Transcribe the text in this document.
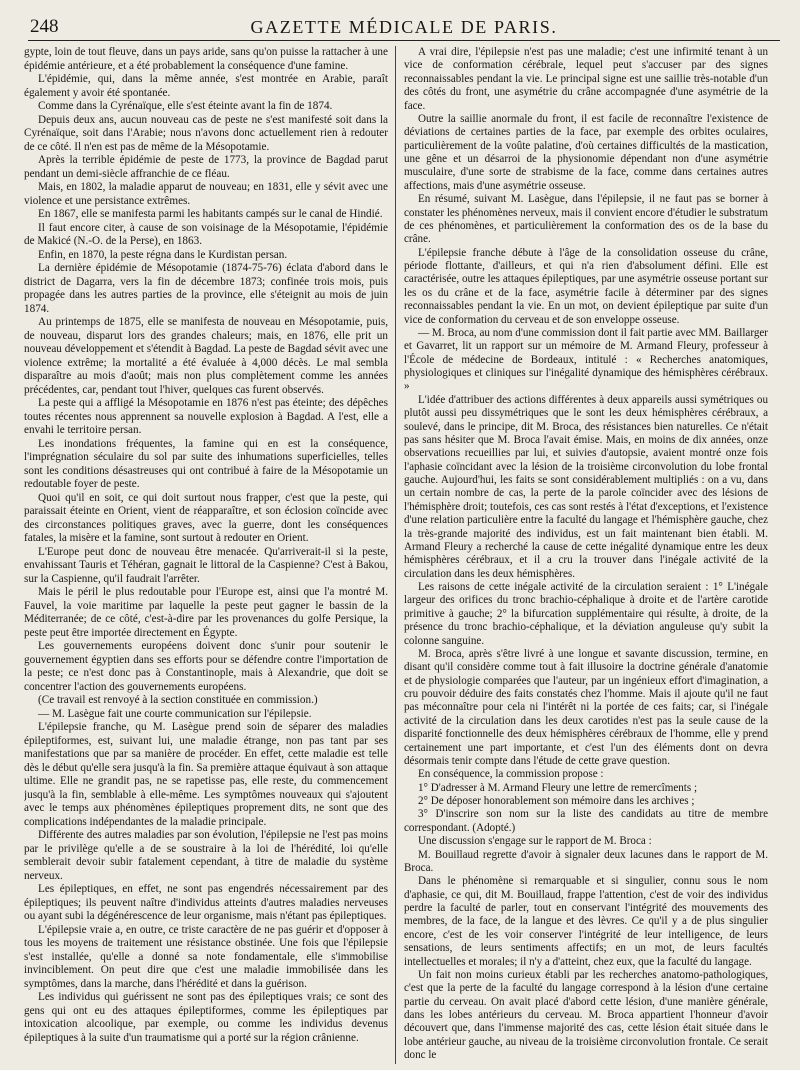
248	GAZETTE MÉDICALE DE PARIS.

gypte, loin de tout fleuve, dans un pays aride, sans qu'on puisse la rattacher à une épidémie antérieure, et a été probablement la conséquence d'une famine.

L'épidémie, qui, dans la même année, s'est montrée en Arabie, paraît également y avoir été spontanée.

Comme dans la Cyrénaïque, elle s'est éteinte avant la fin de 1874.

Depuis deux ans, aucun nouveau cas de peste ne s'est manifesté soit dans la Cyrénaïque, soit dans l'Arabie; nous n'avons donc actuellement rien à redouter de ce côté. Il n'en est pas de même de la Mésopotamie.

Après la terrible épidémie de peste de 1773, la province de Bagdad parut pendant un demi-siècle affranchie de ce fléau.

Mais, en 1802, la maladie apparut de nouveau; en 1831, elle y sévit avec une violence et une persistance extrêmes.

En 1867, elle se manifesta parmi les habitants campés sur le canal de Hindié.

Il faut encore citer, à cause de son voisinage de la Mésopotamie, l'épidémie de Makicé (N.-O. de la Perse), en 1863.

Enfin, en 1870, la peste régna dans le Kurdistan persan.

La dernière épidémie de Mésopotamie (1874-75-76) éclata d'abord dans le district de Dagarra, vers la fin de décembre 1873; confinée trois mois, puis propagée dans les autres parties de la province, elle s'éteignit au mois de juin 1874.

Au printemps de 1875, elle se manifesta de nouveau en Mésopotamie, puis, de nouveau, disparut lors des grandes chaleurs; mais, en 1876, elle prit un nouveau développement et s'étendit à Bagdad. La peste de Bagdad sévit avec une violence extrême; la mortalité a été évaluée à 4,000 décès. Le mal sembla disparaître au mois d'août; mais non plus complètement comme les années précédentes, car, pendant tout l'hiver, quelques cas furent observés.

La peste qui a affligé la Mésopotamie en 1876 n'est pas éteinte; des dépêches toutes récentes nous apprennent sa nouvelle explosion à Bagdad. A l'est, elle a envahi le territoire persan.

Les inondations fréquentes, la famine qui en est la conséquence, l'imprégnation séculaire du sol par suite des inhumations superficielles, telles sont les conditions désastreuses qui ont contribué à faire de la Mésopotamie un redoutable foyer de peste.

Quoi qu'il en soit, ce qui doit surtout nous frapper, c'est que la peste, qui paraissait éteinte en Orient, vient de réapparaître, et son éclosion coïncide avec des circonstances politiques graves, avec la guerre, dont les conséquences fatales, la misère et la famine, sont surtout à redouter en Orient.

L'Europe peut donc de nouveau être menacée. Qu'arriverait-il si la peste, envahissant Tauris et Téhéran, gagnait le littoral de la Caspienne? C'est à Bakou, sur la Caspienne, qu'il faudrait l'arrêter.

Mais le péril le plus redoutable pour l'Europe est, ainsi que l'a montré M. Fauvel, la voie maritime par laquelle la peste peut gagner le bassin de la Méditerranée; de ce côté, c'est-à-dire par les provenances du golfe Persique, la peste peut être importée directement en Égypte.

Les gouvernements européens doivent donc s'unir pour soutenir le gouvernement égyptien dans ses efforts pour se défendre contre l'importation de la peste; ce n'est donc pas à Constantinople, mais à Alexandrie, que doit se concentrer l'action des gouvernements européens.

(Ce travail est renvoyé à la section constituée en commission.)

— M. Lasègue fait une courte communication sur l'épilepsie.

L'épilepsie franche, qu M. Lasègue prend soin de séparer des maladies épileptiformes, est, suivant lui, une maladie étrange, non pas tant par ses manifestations que par sa manière de procéder. En effet, cette maladie est telle dès le début qu'elle sera jusqu'à la fin. Sa première attaque équivaut à son attaque ultime. Elle ne grandit pas, ne se rapetisse pas, elle reste, du commencement jusqu'à la fin, semblable à elle-même. Les symptômes nouveaux qui s'ajoutent avec le temps aux phénomènes épileptiques proprement dits, ne sont que des complications indépendantes de la maladie principale.

Différente des autres maladies par son évolution, l'épilepsie ne l'est pas moins par le privilège qu'elle a de se soustraire à la loi de l'hérédité, loi qu'elle semblerait devoir subir fatalement cependant, à titre de maladie du système nerveux.

Les épileptiques, en effet, ne sont pas engendrés nécessairement par des épileptiques; ils peuvent naître d'individus atteints d'autres maladies nerveuses ou ayant subi la dégénérescence de leur organisme, mais n'étant pas épileptiques.

L'épilepsie vraie a, en outre, ce triste caractère de ne pas guérir et d'opposer à tous les moyens de traitement une résistance obstinée. Une fois que l'épilepsie s'est installée, qu'elle a donné sa note fondamentale, elle s'immobilise invinciblement. On peut dire que c'est une maladie immobilisée dans les symptômes, dans la marche, dans l'hérédité et dans la guérison.

Les individus qui guérissent ne sont pas des épileptiques vrais; ce sont des gens qui ont eu des attaques épileptiformes, comme les épileptiques par intoxication alcoolique, par exemple, ou comme les individus devenus épileptiques à la suite d'un traumatisme qui a porté sur la région crânienne.

A vrai dire, l'épilepsie n'est pas une maladie; c'est une infirmité tenant à un vice de conformation cérébrale, lequel peut s'accuser par des signes reconnaissables pendant la vie. Le principal signe est une saillie très-notable d'un des côtés du front, une asymétrie du crâne accompagnée d'une asymétrie de la face.

Outre la saillie anormale du front, il est facile de reconnaître l'existence de déviations de certaines parties de la face, par exemple des orbites oculaires, particulièrement de la voûte palatine, d'où certaines difficultés de la mastication, une gêne et un désarroi de la physionomie dépendant non d'une asymétrie musculaire, d'une sorte de strabisme de la face, comme dans certaines autres affections, mais d'une asymétrie osseuse.

En résumé, suivant M. Lasègue, dans l'épilepsie, il ne faut pas se borner à constater les phénomènes nerveux, mais il convient encore d'étudier le substratum de ces phénomènes, et particulièrement la conformation des os de la base du crâne.

L'épilepsie franche débute à l'âge de la consolidation osseuse du crâne, période flottante, d'ailleurs, et qui n'a rien d'absolument défini. Elle est caractérisée, outre les attaques épileptiques, par une asymétrie osseuse portant sur les os du crâne et de la face, asymétrie facile à déterminer par des signes reconnaissables pendant la vie. En un mot, on devient épileptique par suite d'un vice de conformation du cerveau et de son enveloppe osseuse.

— M. Broca, au nom d'une commission dont il fait partie avec MM. Baillarger et Gavarret, lit un rapport sur un mémoire de M. Armand Fleury, professeur à l'École de médecine de Bordeaux, intitulé : « Recherches anatomiques, physiologiques et cliniques sur l'inégalité dynamique des hémisphères cérébraux. »

L'idée d'attribuer des actions différentes à deux appareils aussi symétriques ou plutôt aussi peu dissymétriques que le sont les deux hémisphères cérébraux, a soulevé, dans le principe, dit M. Broca, des résistances bien naturelles. Ce n'était pas sans hésiter que M. Broca l'avait émise. Mais, en moins de dix années, onze observations recueillies par lui, et suivies d'autopsie, avaient montré onze fois l'aphasie coïncidant avec la lésion de la troisième circonvolution du lobe frontal gauche. Aujourd'hui, les faits se sont considérablement multipliés : on a vu, dans un certain nombre de cas, la perte de la parole coïncider avec des lésions de l'hémisphère droit; toutefois, ces cas sont restés à l'état d'exceptions, et l'existence d'une relation particulière entre la faculté du langage et l'hémisphère gauche, chez la très-grande majorité des individus, est un fait maintenant bien établi. M. Armand Fleury a recherché la cause de cette inégalité dynamique entre les deux hémisphères cérébraux, et il a cru la trouver dans l'inégale activité de la circulation dans les deux hémisphères.

Les raisons de cette inégale activité de la circulation seraient : 1° L'inégale largeur des orifices du tronc brachio-céphalique à droite et de l'artère carotide primitive à gauche; 2° la bifurcation supplémentaire qui résulte, à droite, de la présence du tronc brachio-céphalique, et la déviation anguleuse qu'y subit la colonne sanguine.

M. Broca, après s'être livré à une longue et savante discussion, termine, en disant qu'il considère comme tout à fait illusoire la doctrine générale d'anatomie et de physiologie comparées que l'auteur, par un ingénieux effort d'imagination, a cru pouvoir déduire des faits constatés chez l'homme. Mais il ajoute qu'il ne faut pas méconnaître pour cela ni l'intérêt ni la portée de ces faits; car, si l'inégale activité de la circulation dans les deux carotides n'est pas la seule cause de la disparité fonctionnelle des deux hémisphères cérébraux de l'homme, elle y prend certainement une part importante, et c'est l'un des éléments dont on devra désormais tenir compte dans l'étude de cette grave question.

En conséquence, la commission propose :

1° D'adresser à M. Armand Fleury une lettre de remercîments ;

2° De déposer honorablement son mémoire dans les archives ;

3° D'inscrire son nom sur la liste des candidats au titre de membre correspondant. (Adopté.)

Une discussion s'engage sur le rapport de M. Broca :

M. Bouillaud regrette d'avoir à signaler deux lacunes dans le rapport de M. Broca.

Dans le phénomène si remarquable et si singulier, connu sous le nom d'aphasie, ce qui, dit M. Bouillaud, frappe l'attention, c'est de voir des individus perdre la faculté de parler, tout en conservant l'intégrité des mouvements des membres, de la face, de la langue et des lèvres. Ce qu'il y a de plus singulier encore, c'est de les voir conserver l'intégrité de leur intelligence, de leurs sensations, de leurs sentiments affectifs; en un mot, de leurs facultés intellectuelles et morales; il n'y a d'atteint, chez eux, que la faculté du langage.

Un fait non moins curieux établi par les recherches anatomo-pathologiques, c'est que la perte de la faculté du langage correspond à la lésion d'une certaine partie du cerveau. On avait placé d'abord cette lésion, d'une manière générale, dans les lobes antérieurs du cerveau. M. Broca appartient l'honneur d'avoir découvert que, dans l'immense majorité des cas, cette lésion était située dans le lobe antérieur gauche, au niveau de la troisième circonvolution frontale. Ce serait donc le
